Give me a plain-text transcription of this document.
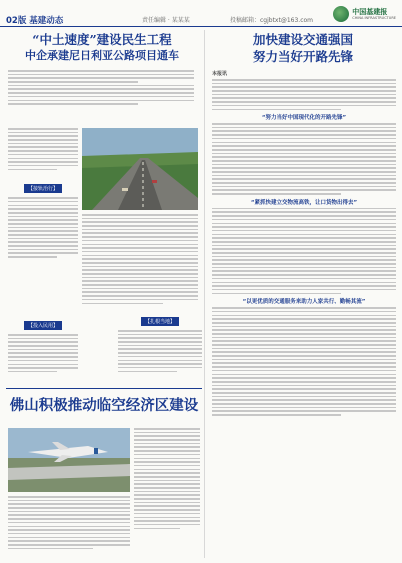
02版 基建动态	责任编辑 · 某某某	投稿邮箱：cgjbtxt@163.com
中国基建报
CHINA INFRASTRUCTURE
“中土速度”建设民生工程
中企承建尼日利亚公路项目通车
【接轨治行】
【投入民用】
加快建设交通强国
努力当好开路先锋
本报讯
“努力当好中国现代化的开路先锋”
“紧抓快建立交物流高铁，让口货物出得去”
“以更优质的交通服务来助力人家共行、勤畅其流”
佛山积极推动临空经济区建设
【扎根当地】
